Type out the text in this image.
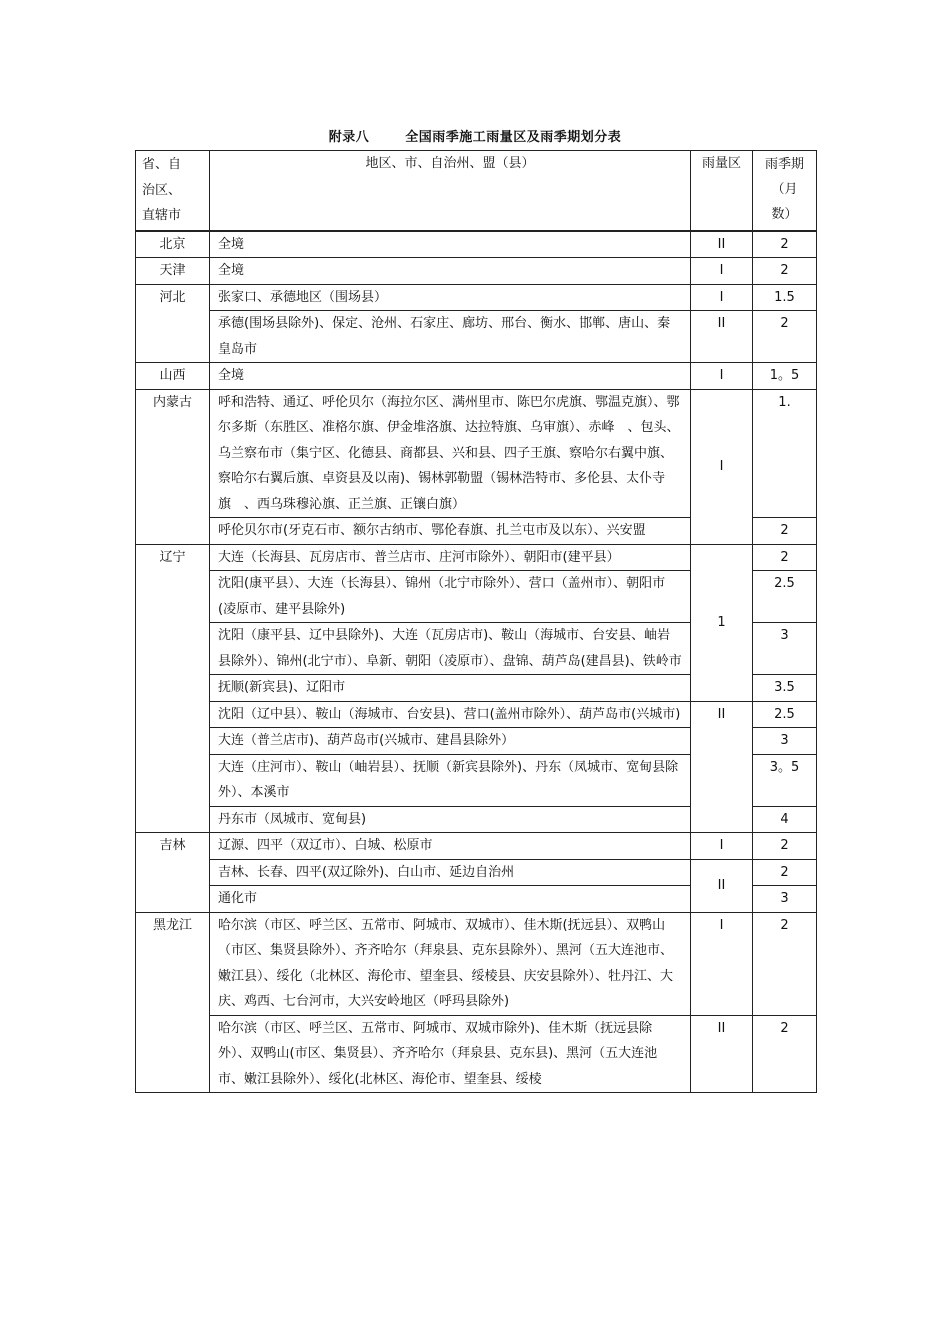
附录八	全国雨季施工雨量区及雨季期划分表
省、自
治区、
直辖市	地区、市、自治州、盟（县）	雨量区	雨季期
（月
数）
北京	全境	II	2
天津	全境	I	2
河北	张家口、承德地区（围场县）	I	1.5
	承德(围场县除外)、保定、沧州、石家庄、廊坊、邢台、衡水、邯郸、唐山、秦皇岛市	II	2
山西	全境	I	1。5
内蒙古	呼和浩特、通辽、呼伦贝尔（海拉尔区、满州里市、陈巴尔虎旗、鄂温克旗）、鄂尔多斯（东胜区、准格尔旗、伊金堆洛旗、达拉特旗、乌审旗）、赤峰　、包头、乌兰察布市（集宁区、化德县、商都县、兴和县、四子王旗、察哈尔右翼中旗、察哈尔右翼后旗、卓资县及以南)、锡林郭勒盟（锡林浩特市、多伦县、太仆寺旗　、西乌珠穆沁旗、正兰旗、正镶白旗）	I	1.
	呼伦贝尔市(牙克石市、额尔古纳市、鄂伦春旗、扎兰屯市及以东）、兴安盟		2
辽宁	大连（长海县、瓦房店市、普兰店市、庄河市除外）、朝阳市(建平县）	1	2
	沈阳(康平县）、大连（长海县）、锦州（北宁市除外）、营口（盖州市）、朝阳市(凌原市、建平县除外)		2.5
	沈阳（康平县、辽中县除外)、大连（瓦房店市)、鞍山（海城市、台安县、岫岩县除外）、锦州(北宁市）、阜新、朝阳（凌原市）、盘锦、葫芦岛(建昌县)、铁岭市		3
	抚顺(新宾县)、辽阳市		3.5
	沈阳（辽中县）、鞍山（海城市、台安县)、营口(盖州市除外）、葫芦岛市(兴城市)	II	2.5
	大连（普兰店市)、葫芦岛市(兴城市、建昌县除外）		3
	大连（庄河市）、鞍山（岫岩县）、抚顺（新宾县除外)、丹东（凤城市、宽甸县除外）、本溪市		3。5
	丹东市（凤城市、宽甸县)		4
吉林	辽源、四平（双辽市）、白城、松原市	I	2
	吉林、长春、四平(双辽除外)、白山市、延边自治州	II	2
	通化市		3
黑龙江	哈尔滨（市区、呼兰区、五常市、阿城市、双城市）、佳木斯(抚远县）、双鸭山（市区、集贤县除外）、齐齐哈尔（拜泉县、克东县除外）、黑河（五大连池市、嫩江县）、绥化（北林区、海伦市、望奎县、绥棱县、庆安县除外）、牡丹江、大庆、鸡西、七台河市，大兴安岭地区（呼玛县除外)	I	2
	哈尔滨（市区、呼兰区、五常市、阿城市、双城市除外)、佳木斯（抚远县除外）、双鸭山(市区、集贤县）、齐齐哈尔（拜泉县、克东县)、黑河（五大连池市、嫩江县除外）、绥化(北林区、海伦市、望奎县、绥棱	II	2
